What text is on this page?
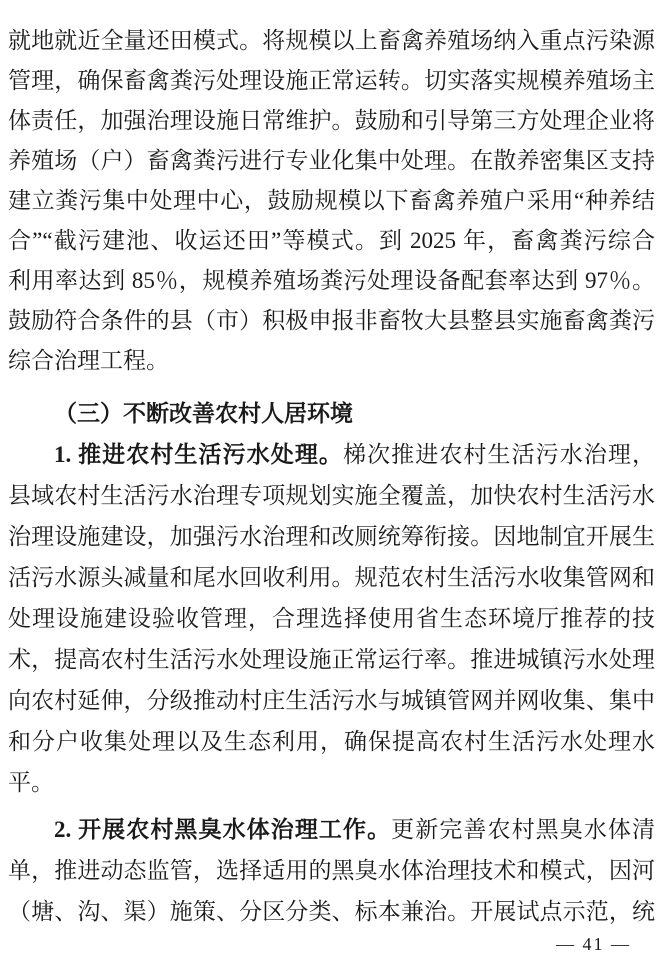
就地就近全量还田模式。将规模以上畜禽养殖场纳入重点污染源
管理，确保畜禽粪污处理设施正常运转。切实落实规模养殖场主
体责任，加强治理设施日常维护。鼓励和引导第三方处理企业将
养殖场（户）畜禽粪污进行专业化集中处理。在散养密集区支持
建立粪污集中处理中心，鼓励规模以下畜禽养殖户采用“种养结
合”“截污建池、收运还田”等模式。到 2025 年，畜禽粪污综合
利用率达到 85％，规模养殖场粪污处理设备配套率达到 97％。
鼓励符合条件的县（市）积极申报非畜牧大县整县实施畜禽粪污
综合治理工程。
（三）不断改善农村人居环境
1. 推进农村生活污水处理。梯次推进农村生活污水治理，
县域农村生活污水治理专项规划实施全覆盖，加快农村生活污水
治理设施建设，加强污水治理和改厕统筹衔接。因地制宜开展生
活污水源头减量和尾水回收利用。规范农村生活污水收集管网和
处理设施建设验收管理，合理选择使用省生态环境厅推荐的技
术，提高农村生活污水处理设施正常运行率。推进城镇污水处理
向农村延伸，分级推动村庄生活污水与城镇管网并网收集、集中
和分户收集处理以及生态利用，确保提高农村生活污水处理水
平。
2. 开展农村黑臭水体治理工作。更新完善农村黑臭水体清
单，推进动态监管，选择适用的黑臭水体治理技术和模式，因河
（塘、沟、渠）施策、分区分类、标本兼治。开展试点示范，统
— 41 —
